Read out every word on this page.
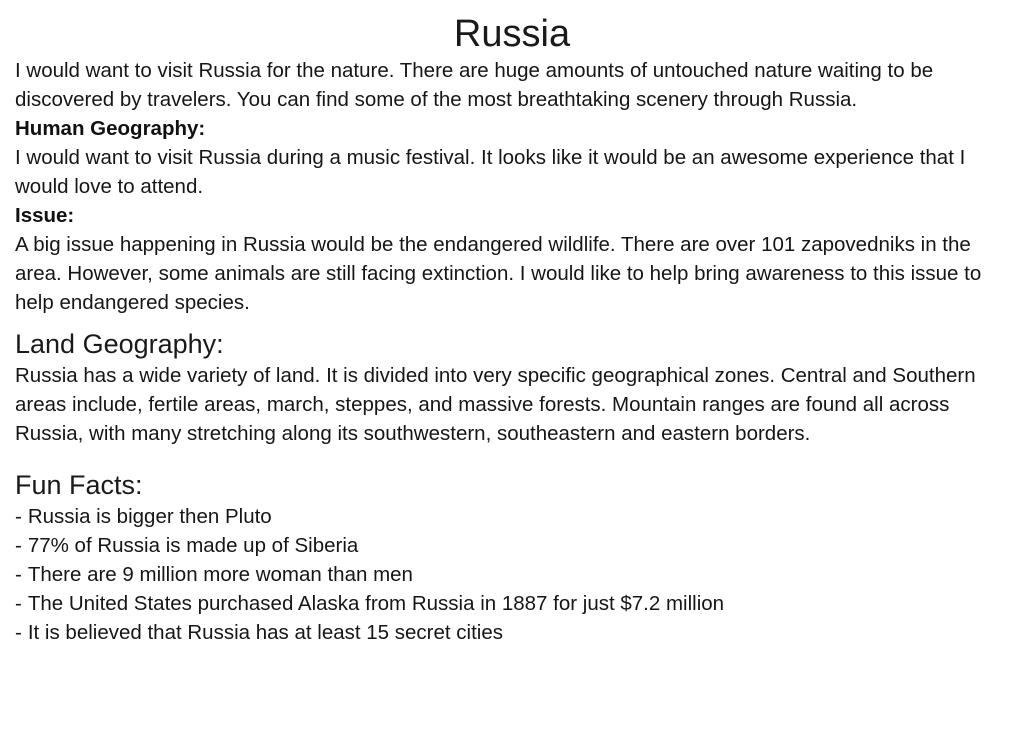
Russia

I would want to visit Russia for the nature. There are huge amounts of untouched nature waiting to be discovered by travelers. You can find some of the most breathtaking scenery through Russia.

Human Geography:

I would want to visit Russia during a music festival. It looks like it would be an awesome experience that I would love to attend.

Issue:

A big issue happening in Russia would be the endangered wildlife. There are over 101 zapovedniks in the area. However, some animals are still facing extinction. I would like to help bring awareness to this issue to help endangered species.

Land Geography:

Russia has a wide variety of land. It is divided into very specific geographical zones. Central and Southern areas include, fertile areas, march, steppes, and massive forests. Mountain ranges are found all across Russia, with many stretching along its southwestern, southeastern and eastern borders.

Fun Facts:
- Russia is bigger then Pluto
- 77% of Russia is made up of Siberia
- There are 9 million more woman than men
- The United States purchased Alaska from Russia in 1887 for just $7.2 million
- It is believed that Russia has at least 15 secret cities
